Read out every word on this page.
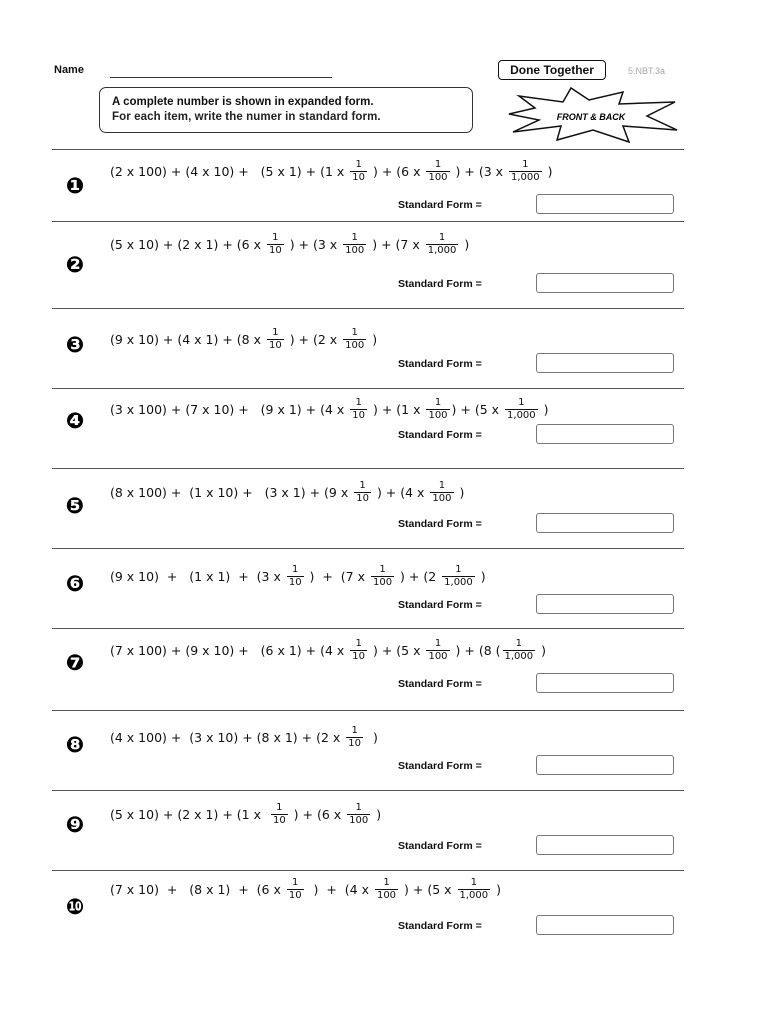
Name	Done Together	5.NBT.3a
A complete number is shown in expanded form.
For each item, write the numer in standard form.	FRONT & BACK
❶
(2 x 100) + (4 x 10) +   (5 x 1) + (1 x $\frac{1}{10}$ ) + (6 x $\frac{1}{100}$ ) + (3 x $\frac{1}{1,000}$ )
Standard Form =
❷
(5 x 10) + (2 x 1) + (6 x $\frac{1}{10}$ ) + (3 x $\frac{1}{100}$ ) + (7 x $\frac{1}{1,000}$ )
Standard Form =
❸ (9 x 10) + (4 x 1) + (8 x $\frac{1}{10}$ ) + (2 x $\frac{1}{100}$ )
Standard Form =
❹ (3 x 100) + (7 x 10) +   (9 x 1) + (4 x $\frac{1}{10}$ ) + (1 x $\frac{1}{100}$ ) + (5 x $\frac{1}{1,000}$ )
Standard Form =
❺
(8 x 100) +  (1 x 10) +   (3 x 1) + (9 x $\frac{1}{10}$ ) + (4 x $\frac{1}{100}$ )
Standard Form =
❻ (9 x 10)  +   (1 x 1)  +  (3 x $\frac{1}{10}$ )  +  (7 x $\frac{1}{100}$ ) + ($2 \frac{1}{1,000}$ )
Standard Form =
❼ (7 x 100) + (9 x 10) +   (6 x 1) + (4 x $\frac{1}{10}$ ) + (5 x $\frac{1}{100}$ ) + (8 ( $\frac{1}{1,000}$ )
Standard Form =
❽ (4 x 100) +  (3 x 10) + (8 x 1) + (2 x $\frac{1}{10}$ )
Standard Form =
❾ (5 x 10) + (2 x 1) + (1 x $\frac{1}{10}$ ) + (6 x $\frac{1}{100}$ )
Standard Form =
❿
(7 x 10)  +   (8 x 1)  +  (6 x $\frac{1}{10}$ )  +  (4 x $\frac{1}{100}$ ) + (5 x $\frac{1}{1,000}$ )
Standard Form =
